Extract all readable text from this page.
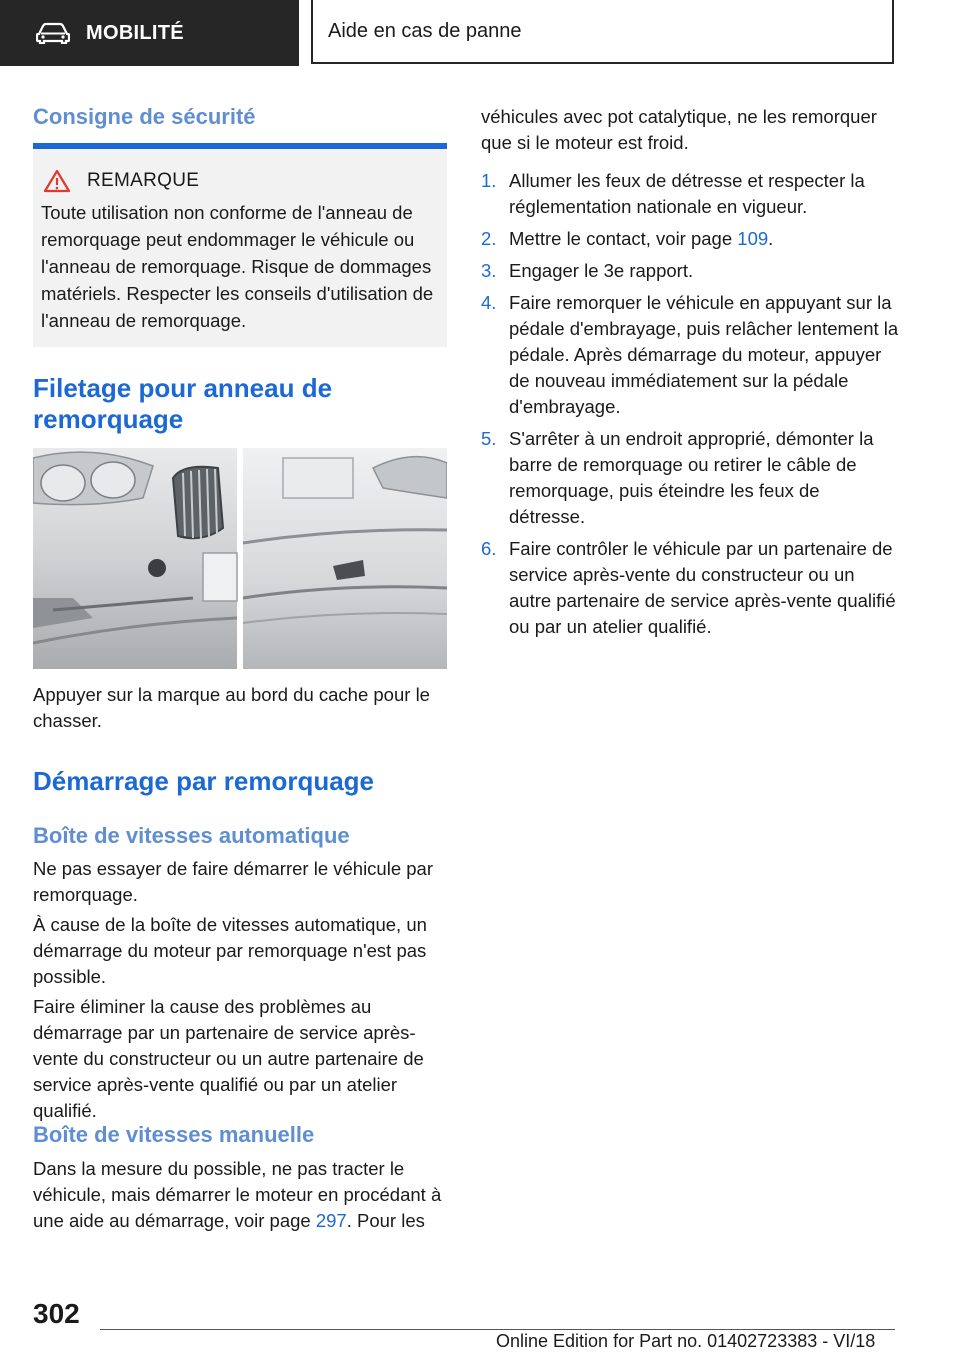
MOBILITÉ	Aide en cas de panne
Consigne de sécurité
REMARQUE
Toute utilisation non conforme de l'anneau de remorquage peut endommager le véhicule ou l'anneau de remorquage. Risque de dommages matériels. Respecter les conseils d'utilisation de l'anneau de remorquage.
Filetage pour anneau de remorquage
Appuyer sur la marque au bord du cache pour le chasser.
Démarrage par remorquage
Boîte de vitesses automatique
Ne pas essayer de faire démarrer le véhicule par remorquage.
À cause de la boîte de vitesses automatique, un démarrage du moteur par remorquage n'est pas possible.
Faire éliminer la cause des problèmes au démarrage par un partenaire de service après-vente du constructeur ou un autre partenaire de service après-vente qualifié ou par un atelier qualifié.
Boîte de vitesses manuelle
Dans la mesure du possible, ne pas tracter le véhicule, mais démarrer le moteur en procédant à une aide au démarrage, voir page 297. Pour les
véhicules avec pot catalytique, ne les remorquer que si le moteur est froid.
1. Allumer les feux de détresse et respecter la réglementation nationale en vigueur.
2. Mettre le contact, voir page 109.
3. Engager le 3e rapport.
4. Faire remorquer le véhicule en appuyant sur la pédale d'embrayage, puis relâcher lentement la pédale. Après démarrage du moteur, appuyer de nouveau immédiatement sur la pédale d'embrayage.
5. S'arrêter à un endroit approprié, démonter la barre de remorquage ou retirer le câble de remorquage, puis éteindre les feux de détresse.
6. Faire contrôler le véhicule par un partenaire de service après-vente du constructeur ou un autre partenaire de service après-vente qualifié ou par un atelier qualifié.
302
Online Edition for Part no. 01402723383 - VI/18
